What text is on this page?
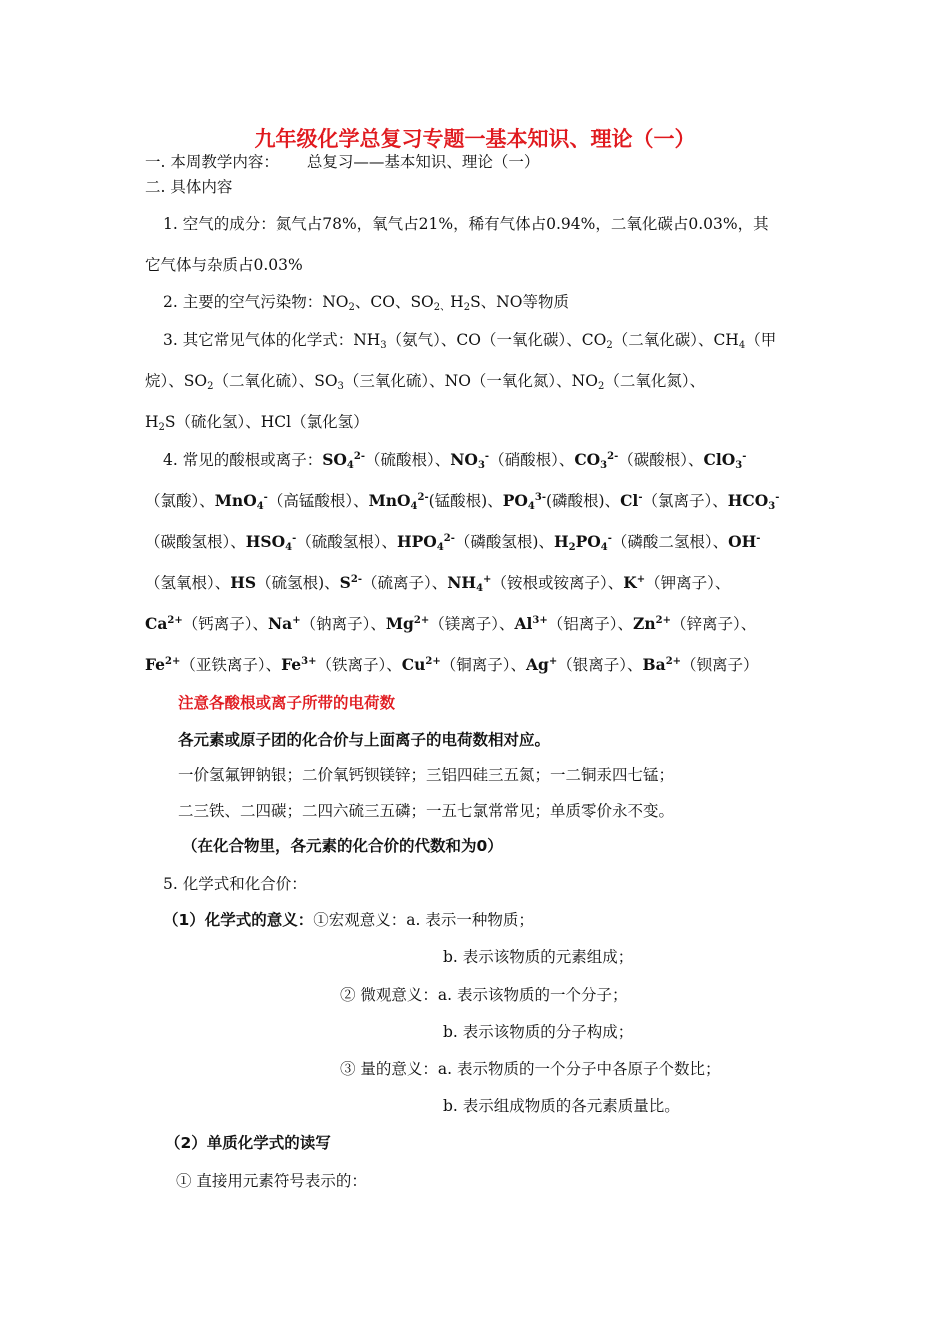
九年级化学总复习专题一基本知识、理论（一）
一. 本周教学内容： 总复习——基本知识、理论（一）
二. 具体内容
1. 空气的成分：氮气占78%，氧气占21%，稀有气体占0.94%，二氧化碳占0.03%，其
它气体与杂质占0.03%
2. 主要的空气污染物：$NO_2$、CO、$SO_{2、}H_2S$、NO等物质
3. 其它常见气体的化学式：$NH_3$（氨气）、CO（一氧化碳）、$CO_2$（二氧化碳）、$CH_4$（甲
烷）、$SO_2$（二氧化硫）、$SO_3$（三氧化硫）、NO（一氧化氮）、$NO_2$（二氧化氮）、
$H_2S$（硫化氢）、HCl（氯化氢）
4. 常见的酸根或离子：$SO_4^{2-}$（硫酸根）、$NO_3^-$（硝酸根）、$CO_3^{2-}$（碳酸根）、ClO$_3$-
（氯酸）、MnO$_4$-（高锰酸根）、MnO$_4^{2-}$(锰酸根)、$PO_4^{3-}$(磷酸根)、Cl-（氯离子）、$HCO_3^-$
（碳酸氢根）、$HSO_4^-$（硫酸氢根）、$HPO_4^{2-}$（磷酸氢根)、$H_2PO_4^-$（磷酸二氢根）、OH-
（氢氧根）、HS（硫氢根)、$S^{2-}$（硫离子）、$NH_4^+$（铵根或铵离子）、K+（钾离子）、
$Ca^{2+}$（钙离子）、Na+（钠离子）、$Mg^{2+}$（镁离子）、$Al^{3+}$（铝离子）、$Zn^{2+}$（锌离子）、
$Fe^{2+}$（亚铁离子）、$Fe^{3+}$（铁离子）、$Cu^{2+}$（铜离子）、Ag+（银离子）、$Ba^{2+}$（钡离子）
注意各酸根或离子所带的电荷数
各元素或原子团的化合价与上面离子的电荷数相对应。
一价氢氟钾钠银；二价氧钙钡镁锌；三铝四硅三五氮；一二铜汞四七锰；
二三铁、二四碳；二四六硫三五磷；一五七氯常常见；单质零价永不变。
（在化合物里，各元素的化合价的代数和为0）
5. 化学式和化合价：
（1）化学式的意义：①宏观意义：a. 表示一种物质；
b. 表示该物质的元素组成；
② 微观意义：a. 表示该物质的一个分子；
b. 表示该物质的分子构成；
③ 量的意义：a. 表示物质的一个分子中各原子个数比；
b. 表示组成物质的各元素质量比。
（2）单质化学式的读写
① 直接用元素符号表示的：
